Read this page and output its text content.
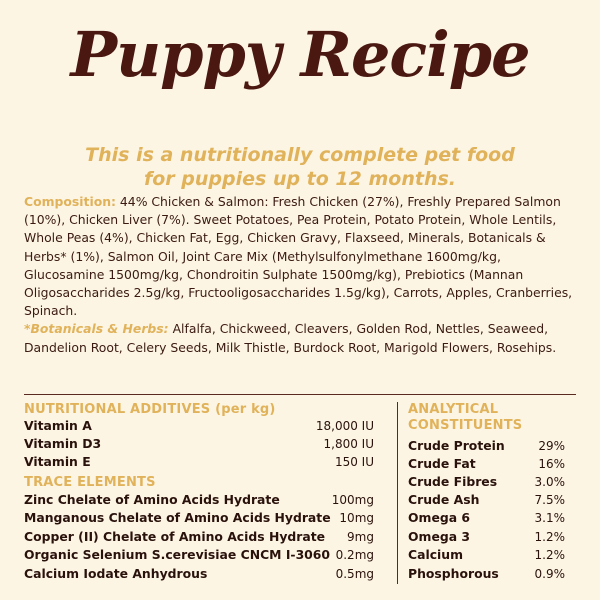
Puppy Recipe
This is a nutritionally complete pet food
for puppies up to 12 months.
Composition: 44% Chicken & Salmon: Fresh Chicken (27%), Freshly Prepared Salmon (10%), Chicken Liver (7%). Sweet Potatoes, Pea Protein, Potato Protein, Whole Lentils, Whole Peas (4%), Chicken Fat, Egg, Chicken Gravy, Flaxseed, Minerals, Botanicals & Herbs* (1%), Salmon Oil, Joint Care Mix (Methylsulfonylmethane 1600mg/kg, Glucosamine 1500mg/kg, Chondroitin Sulphate 1500mg/kg), Prebiotics (Mannan Oligosaccharides 2.5g/kg, Fructooligosaccharides 1.5g/kg), Carrots, Apples, Cranberries, Spinach.
*Botanicals & Herbs: Alfalfa, Chickweed, Cleavers, Golden Rod, Nettles, Seaweed, Dandelion Root, Celery Seeds, Milk Thistle, Burdock Root, Marigold Flowers, Rosehips.
NUTRITIONAL ADDITIVES (per kg)
Vitamin A	18,000 IU
Vitamin D3	1,800 IU
Vitamin E	150 IU
TRACE ELEMENTS
Zinc Chelate of Amino Acids Hydrate	100mg
Manganous Chelate of Amino Acids Hydrate 10mg
Copper (II) Chelate of Amino Acids Hydrate 9mg
Organic Selenium S.cerevisiae CNCM I-3060 0.2mg
Calcium Iodate Anhydrous	0.5mg
ANALYTICAL
CONSTITUENTS
Crude Protein	29%
Crude Fat	16%
Crude Fibres	3.0%
Crude Ash	7.5%
Omega 6	3.1%
Omega 3	1.2%
Calcium	1.2%
Phosphorous	0.9%
